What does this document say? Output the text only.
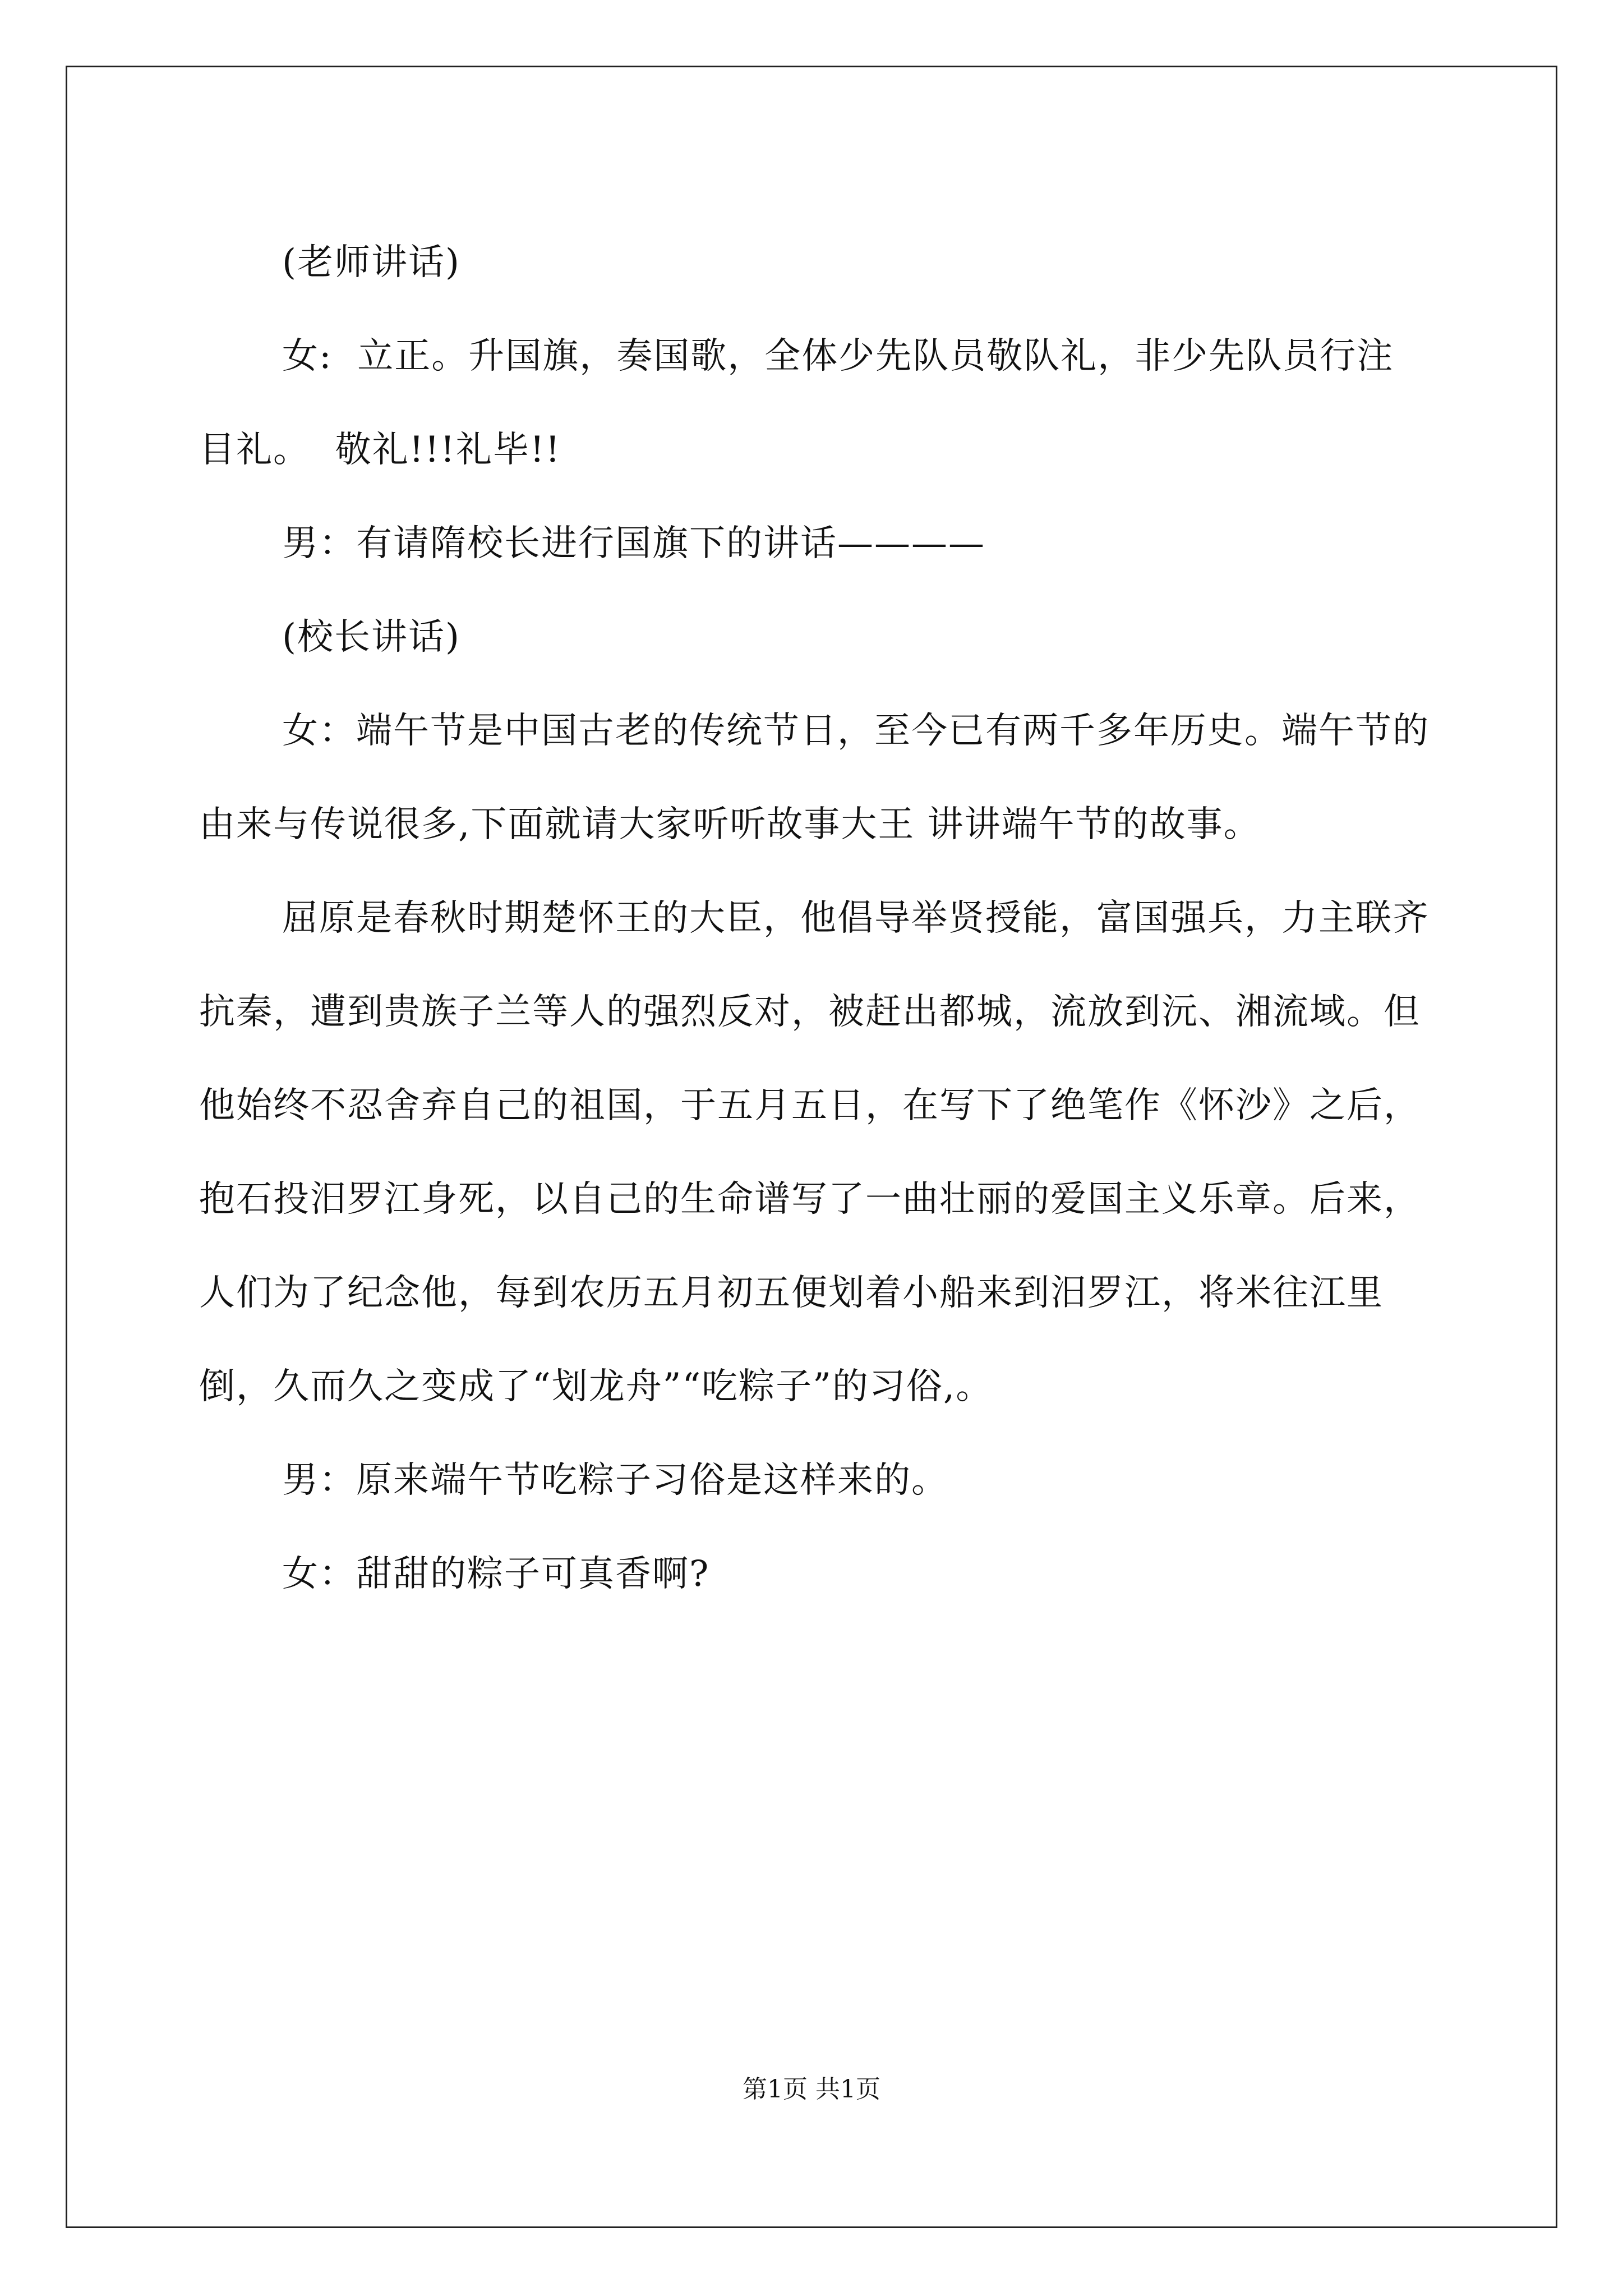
(老师讲话)

女:  立正。升国旗，奏国歌，全体少先队员敬队礼，非少先队员行注目礼。  敬礼!!!礼毕!!

男：有请隋校长进行国旗下的讲话————

(校长讲话)

女：端午节是中国古老的传统节日，至今已有两千多年历史。端午节的由来与传说很多,下面就请大家听听故事大王 讲讲端午节的故事。

屈原是春秋时期楚怀王的大臣，他倡导举贤授能，富国强兵，力主联齐抗秦，遭到贵族子兰等人的强烈反对，被赶出都城，流放到沅、湘流域。但他始终不忍舍弃自己的祖国，于五月五日，在写下了绝笔作《怀沙》之后，抱石投汨罗江身死，以自己的生命谱写了一曲壮丽的爱国主义乐章。后来，人们为了纪念他，每到农历五月初五便划着小船来到汨罗江，将米往江里倒，久而久之变成了“划龙舟”“吃粽子”的习俗,。

男：原来端午节吃粽子习俗是这样来的。

女：甜甜的粽子可真香啊?

第1页 共1页
